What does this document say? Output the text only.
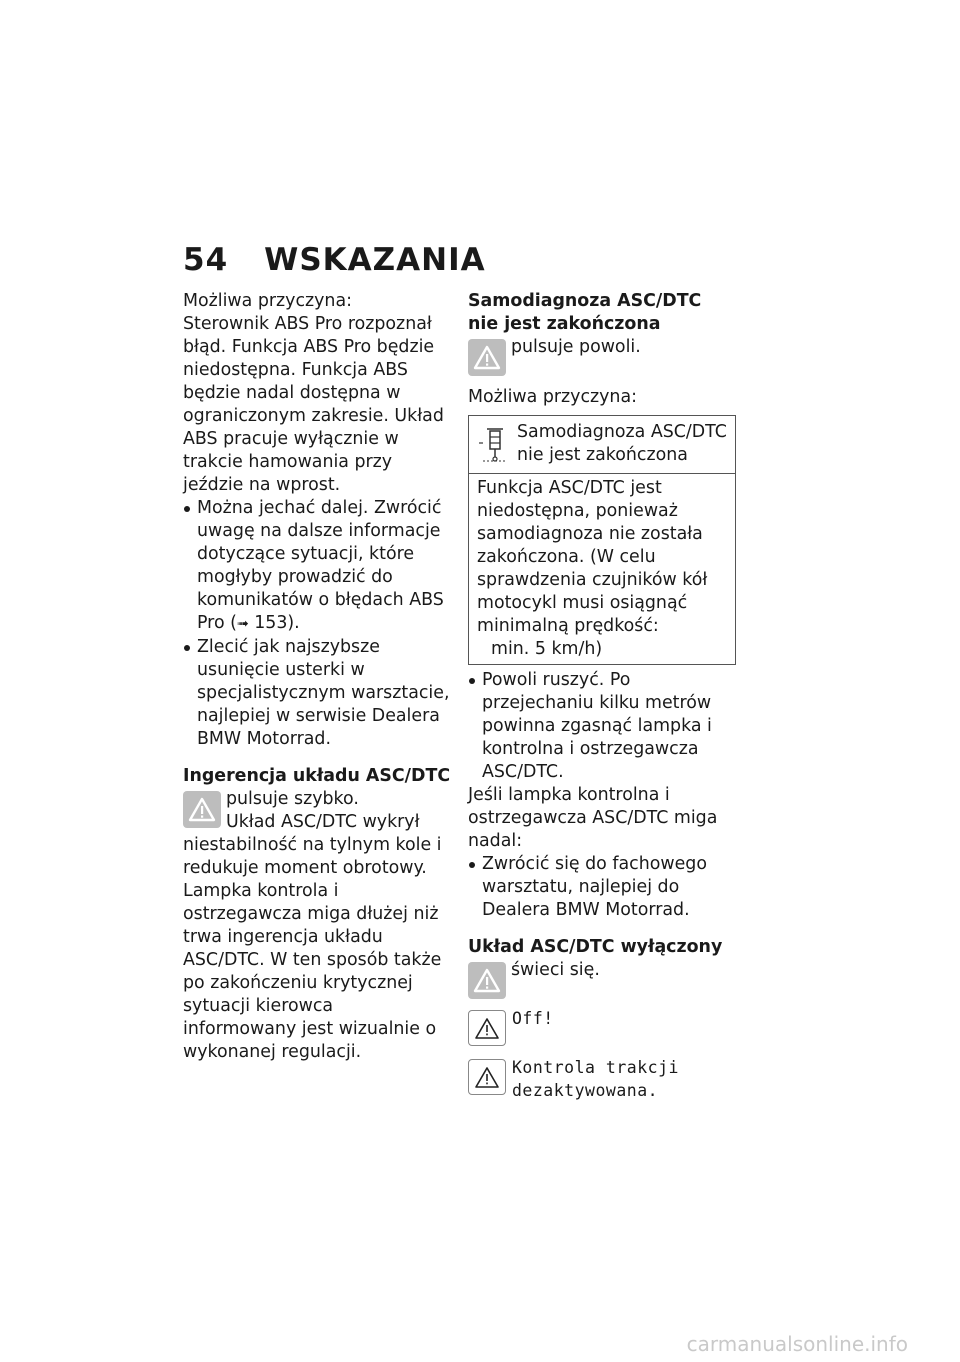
54 WSKAZANIA

Możliwa przyczyna:
Sterownik ABS Pro rozpoznał błąd. Funkcja ABS Pro będzie niedostępna. Funkcja ABS będzie nadal dostępna w ograniczonym zakresie. Układ ABS pracuje wyłącznie w trakcie hamowania przy jeździe na wprost.

Można jechać dalej. Zwrócić uwagę na dalsze informacje dotyczące sytuacji, które mogłyby prowadzić do komunikatów o błędach ABS Pro (➟ 153).
Zlecić jak najszybsze usunięcie usterki w specjalistycznym warsztacie, najlepiej w serwisie Dealera BMW Motorrad.

Ingerencja układu ASC/DTC

pulsuje szybko.
Układ ASC/DTC wykrył

niestabilność na tylnym kole i redukuje moment obrotowy. Lampka kontrola i ostrzegawcza miga dłużej niż trwa ingerencja układu ASC/DTC. W ten sposób także po zakończeniu krytycznej sytuacji kierowca informowany jest wizualnie o wykonanej regulacji.

Samodiagnoza ASC/DTC nie jest zakończona

pulsuje powoli.

Możliwa przyczyna:

Samodiagnoza ASC/DTC nie jest zakończona
Funkcja ASC/DTC jest niedostępna, ponieważ samodiagnoza nie została zakończona. (W celu sprawdzenia czujników kół motocykl musi osiągnąć minimalną prędkość:
min. 5 km/h)
Powoli ruszyć. Po przejechaniu kilku metrów powinna zgasnąć lampka i kontrolna i ostrzegawcza ASC/DTC.

Jeśli lampka kontrolna i ostrzegawcza ASC/DTC miga nadal:

Zwrócić się do fachowego warsztatu, najlepiej do Dealera BMW Motorrad.

Układ ASC/DTC wyłączony

świeci się.
Off!
Kontrola trakcji
dezaktywowana.
carmanualsonline.info
